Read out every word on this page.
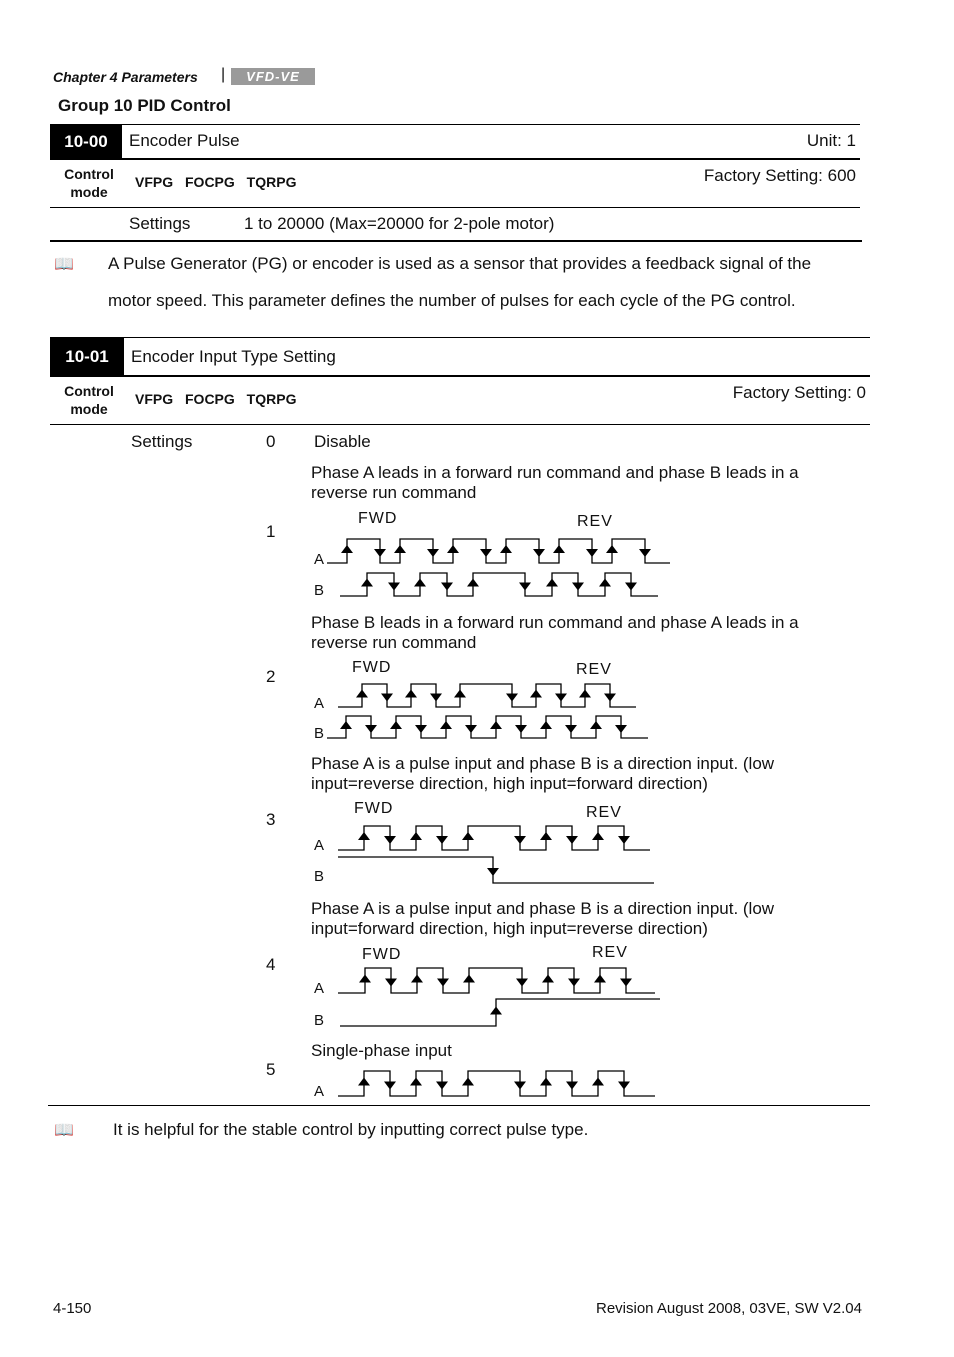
Chapter 4 Parameters |	VFD-VE
Group 10 PID Control
10-00	Encoder Pulse	Unit: 1
Control
mode
VFPG FOCPG TQRPG	Factory Setting: 600
Settings	1 to 20000 (Max=20000 for 2-pole motor)
📖 A Pulse Generator (PG) or encoder is used as a sensor that provides a feedback signal of the
motor speed. This parameter defines the number of pulses for each cycle of the PG control.
10-01	Encoder Input Type Setting
Control
mode
VFPG FOCPG TQRPG	Factory Setting: 0
Settings	0 Disable
Phase A leads in a forward run command and phase B leads in a
reverse run command
1
FWD	REV
A
B
Phase B leads in a forward run command and phase A leads in a
reverse run command
2	FWD	REV
A
B
Phase A is a pulse input and phase B is a direction input. (low
input=reverse direction, high input=forward direction)
3
FWD	REV
A
B
Phase A is a pulse input and phase B is a direction input. (low
input=forward direction, high input=reverse direction)
4
FWD	REV
A
B
Single-phase input
5
A
📖 It is helpful for the stable control by inputting correct pulse type.
4-150	Revision August 2008, 03VE, SW V2.04
